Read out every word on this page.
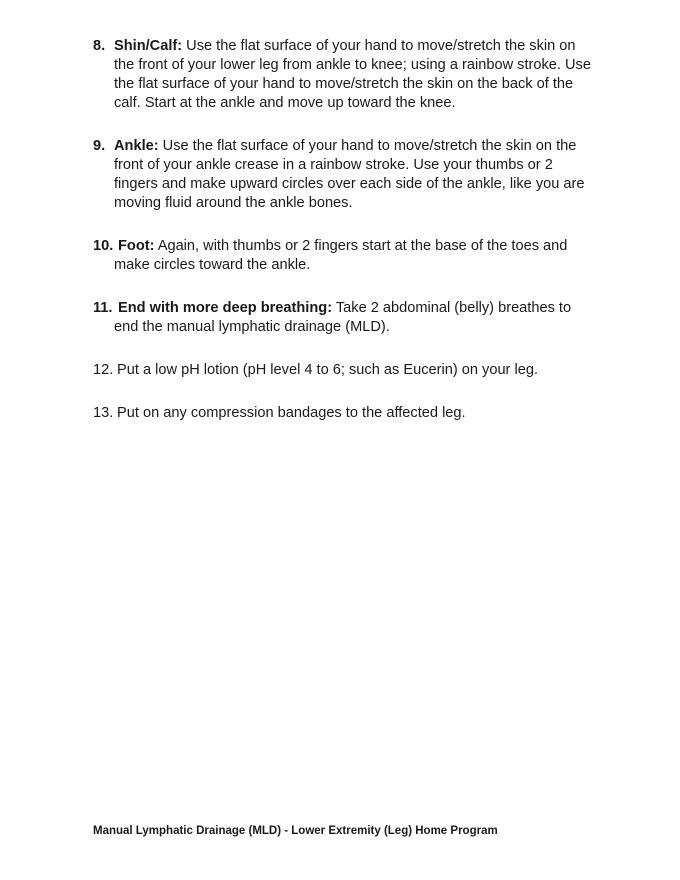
8. Shin/Calf: Use the flat surface of your hand to move/stretch the skin on the front of your lower leg from ankle to knee; using a rainbow stroke. Use the flat surface of your hand to move/stretch the skin on the back of the calf. Start at the ankle and move up toward the knee.
9. Ankle: Use the flat surface of your hand to move/stretch the skin on the front of your ankle crease in a rainbow stroke. Use your thumbs or 2 fingers and make upward circles over each side of the ankle, like you are moving fluid around the ankle bones.
10. Foot: Again, with thumbs or 2 fingers start at the base of the toes and make circles toward the ankle.
11. End with more deep breathing: Take 2 abdominal (belly) breathes to end the manual lymphatic drainage (MLD).
12. Put a low pH lotion (pH level 4 to 6; such as Eucerin) on your leg.
13. Put on any compression bandages to the affected leg.
Manual Lymphatic Drainage (MLD) - Lower Extremity (Leg) Home Program
